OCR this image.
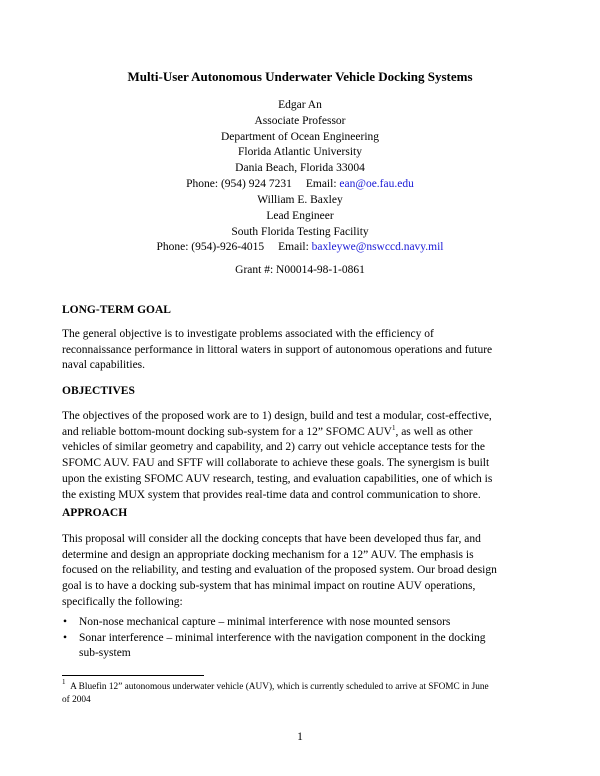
Multi-User Autonomous Underwater Vehicle Docking Systems
Edgar An
Associate Professor
Department of Ocean Engineering
Florida Atlantic University
Dania Beach, Florida 33004
Phone: (954) 924 7231 Email: ean@oe.fau.edu
William E. Baxley
Lead Engineer
South Florida Testing Facility
Phone: (954)-926-4015 Email: baxleywe@nswccd.navy.mil
Grant #: N00014-98-1-0861
LONG-TERM GOAL
The general objective is to investigate problems associated with the efficiency of
reconnaissance performance in littoral waters in support of autonomous operations and future
naval capabilities.
OBJECTIVES
The objectives of the proposed work are to 1) design, build and test a modular, cost-effective,
and reliable bottom-mount docking sub-system for a 12” SFOMC AUV$^1$, as well as other
vehicles of similar geometry and capability, and 2) carry out vehicle acceptance tests for the
SFOMC AUV. FAU and SFTF will collaborate to achieve these goals. The synergism is built
upon the existing SFOMC AUV research, testing, and evaluation capabilities, one of which is
the existing MUX system that provides real-time data and control communication to shore.
APPROACH
This proposal will consider all the docking concepts that have been developed thus far, and
determine and design an appropriate docking mechanism for a 12” AUV. The emphasis is
focused on the reliability, and testing and evaluation of the proposed system. Our broad design
goal is to have a docking sub-system that has minimal impact on routine AUV operations,
specifically the following:
• Non-nose mechanical capture – minimal interference with nose mounted sensors
• Sonar interference – minimal interference with the navigation component in the docking
sub-system
$^1$ A Bluefin 12” autonomous underwater vehicle (AUV), which is currently scheduled to arrive at SFOMC in June
of 2004
1
